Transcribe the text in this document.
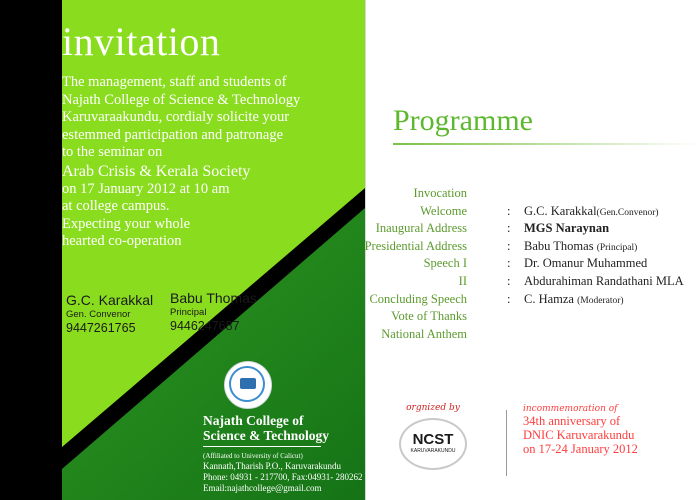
invitation
The management, staff and students of
Najath College of Science & Technology
Karuvaraakundu, cordialy solicite your
estemmed participation and patronage
to the seminar on
Arab Crisis & Kerala Society
on 17 January 2012 at 10 am
at college campus.
Expecting your whole
hearted co-operation
G.C. Karakkal
Gen. Convenor
9447261765
Babu Thomas
Principal
9446247687
Najath College of
Science & Technology
(Affiliated to University of Calicut)
Kannath,Tharish P.O., Karuvarakundu
Phone: 04931 - 217700, Fax:04931- 280262
Email:najathcollege@gmail.com
Programme
Invocation
Welcome	: G.C. Karakkal(Gen.Convenor)
Inaugural Address	: MGS Naraynan
Presidential Address	: Babu Thomas (Principal)
Speech I	: Dr. Omanur Muhammed
II	: Abdurahiman Randathani MLA
Concluding Speech	: C. Hamza (Moderator)
Vote of Thanks
National Anthem
orgnized by
NCST
KARUVARAKUNDU
incommemoration of
34th anniversary of
DNIC Karuvarakundu
on 17-24 January 2012
